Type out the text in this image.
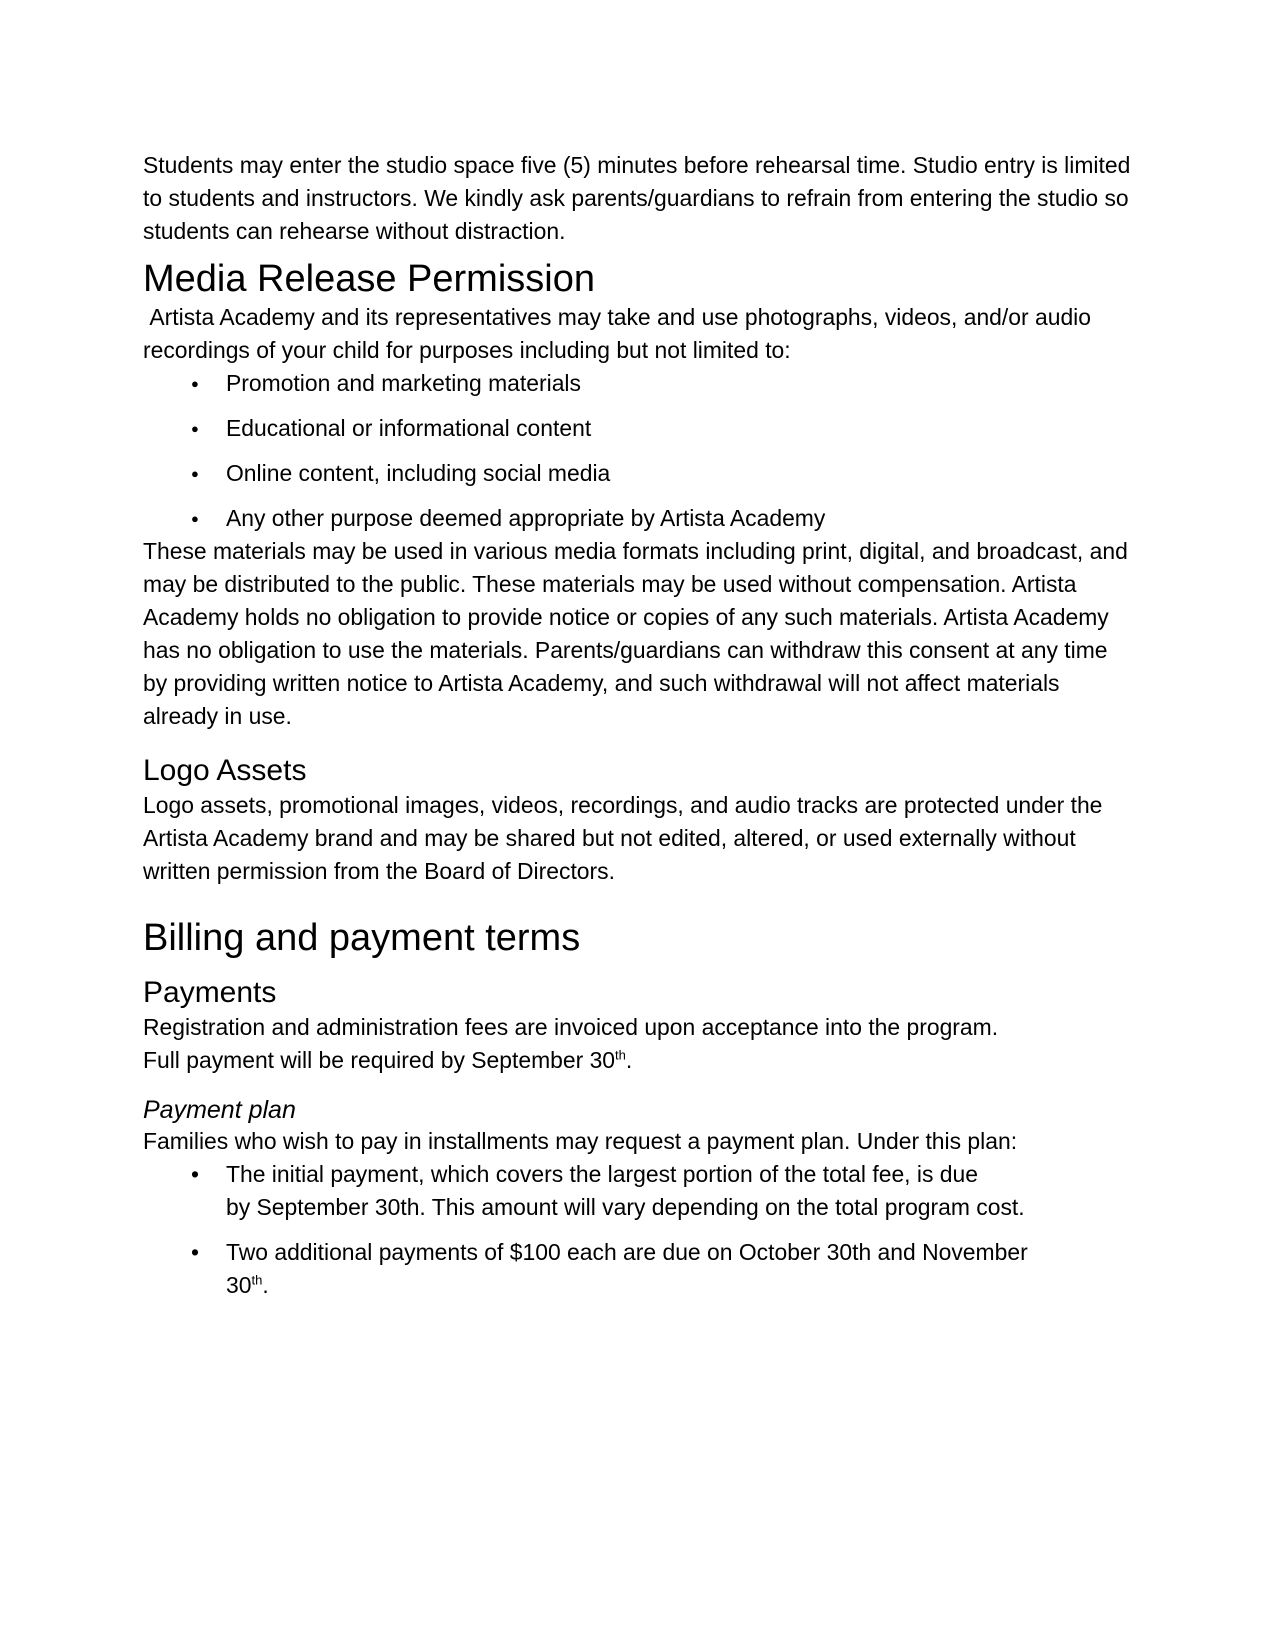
Students may enter the studio space five (5) minutes before rehearsal time. Studio entry is limited to students and instructors. We kindly ask parents/guardians to refrain from entering the studio so students can rehearse without distraction.

Media Release Permission

Artista Academy and its representatives may take and use photographs, videos, and/or audio recordings of your child for purposes including but not limited to:

● Promotion and marketing materials
● Educational or informational content
● Online content, including social media
● Any other purpose deemed appropriate by Artista Academy

These materials may be used in various media formats including print, digital, and broadcast, and may be distributed to the public. These materials may be used without compensation. Artista Academy holds no obligation to provide notice or copies of any such materials. Artista Academy has no obligation to use the materials. Parents/guardians can withdraw this consent at any time by providing written notice to Artista Academy, and such withdrawal will not affect materials already in use.

Logo Assets

Logo assets, promotional images, videos, recordings, and audio tracks are protected under the Artista Academy brand and may be shared but not edited, altered, or used externally without written permission from the Board of Directors.

Billing and payment terms
Payments

Registration and administration fees are invoiced upon acceptance into the program.
Full payment will be required by September 30th.

Payment plan

Families who wish to pay in installments may request a payment plan. Under this plan:

• The initial payment, which covers the largest portion of the total fee, is due
by September 30th. This amount will vary depending on the total program cost.
• Two additional payments of $100 each are due on October 30th and November
30th.
